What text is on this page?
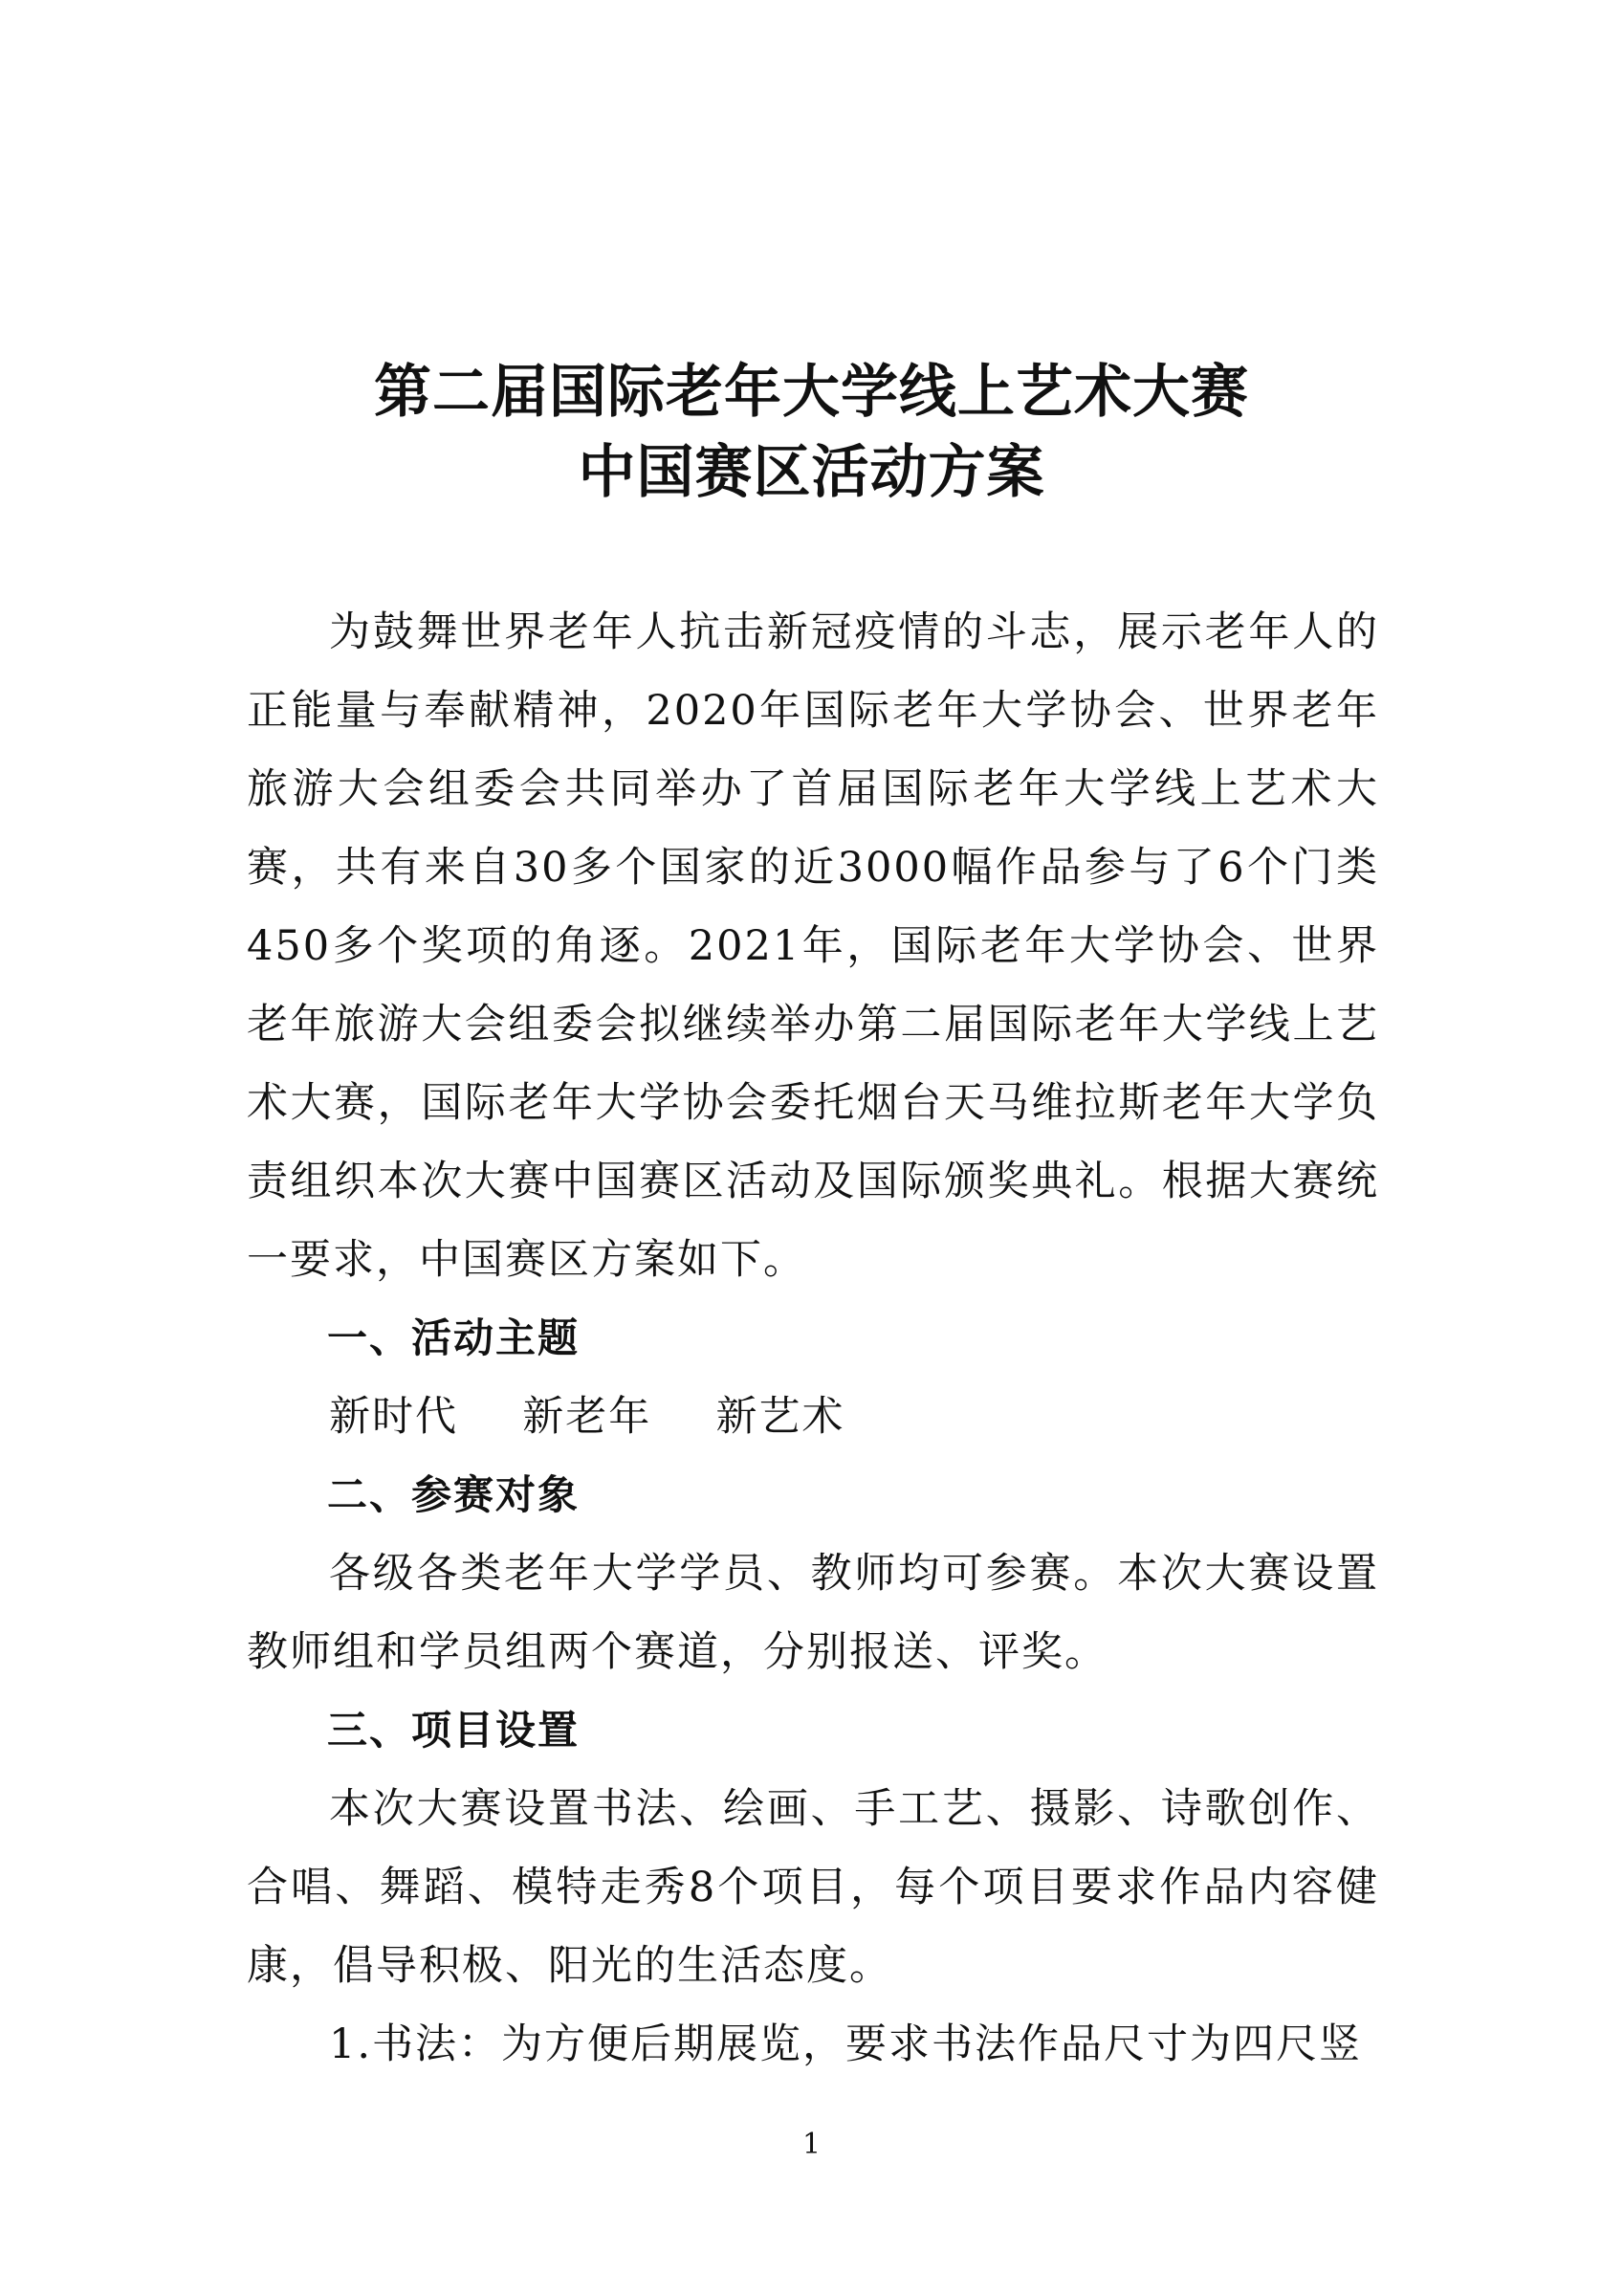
第二届国际老年大学线上艺术大赛
中国赛区活动方案

为鼓舞世界老年人抗击新冠疫情的斗志，展示老年人的正能量与奉献精神，2020年国际老年大学协会、世界老年旅游大会组委会共同举办了首届国际老年大学线上艺术大赛，共有来自30多个国家的近3000幅作品参与了6个门类450多个奖项的角逐。2021年，国际老年大学协会、世界老年旅游大会组委会拟继续举办第二届国际老年大学线上艺术大赛，国际老年大学协会委托烟台天马维拉斯老年大学负责组织本次大赛中国赛区活动及国际颁奖典礼。根据大赛统一要求，中国赛区方案如下。

一、活动主题

新时代 新老年 新艺术

二、参赛对象

各级各类老年大学学员、教师均可参赛。本次大赛设置教师组和学员组两个赛道，分别报送、评奖。

三、项目设置

本次大赛设置书法、绘画、手工艺、摄影、诗歌创作、合唱、舞蹈、模特走秀8个项目，每个项目要求作品内容健康，倡导积极、阳光的生活态度。

1.书法：为方便后期展览，要求书法作品尺寸为四尺竖

1
